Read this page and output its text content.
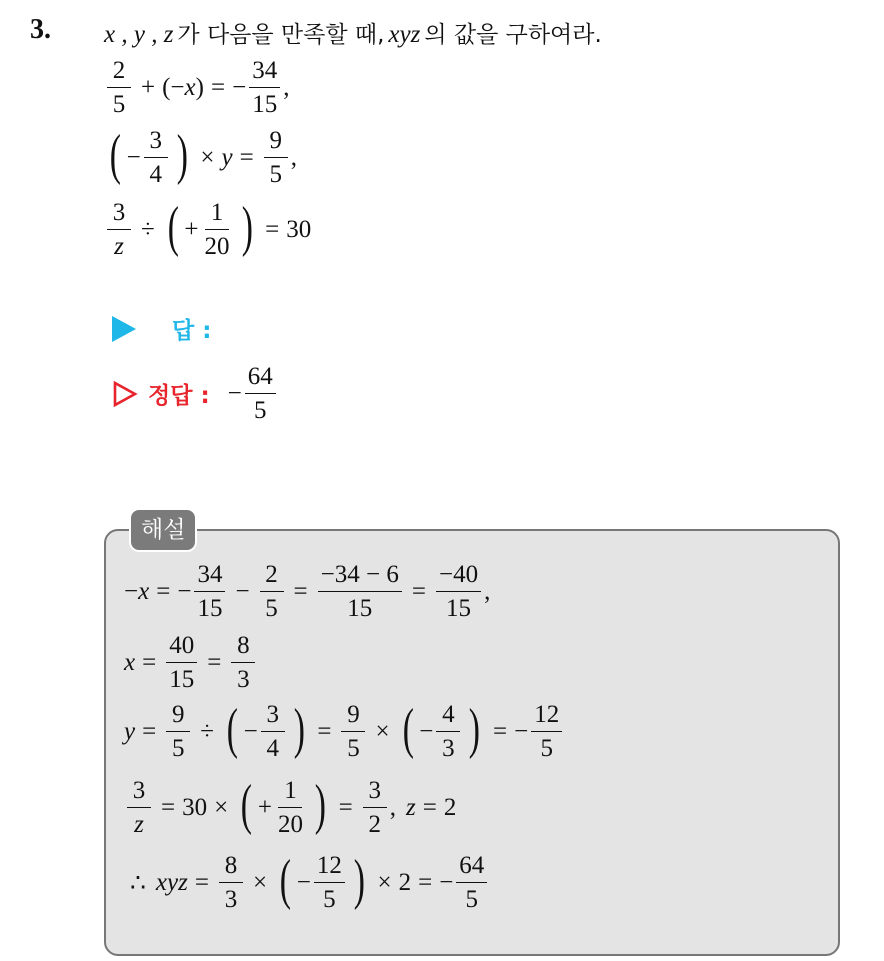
3. x , y , z 가 다음을 만족할 때, xyz 의 값을 구하여라.
$\frac{2}{5}$ + (− x ) = − $\frac{34}{15}$ ,
( − $\frac{3}{4}$ ) × $y = \frac{9}{5}$ ,
$\frac{3}{z}$ ÷ ( + $\frac{1}{20}$ ) = 30
답 :
정답 : − $\frac{64}{5}$
해설
− x = − $\frac{34}{15} - \frac{2}{5} = \frac{-34 - 6}{15} = \frac{-40}{15}$ ,
$x = \frac{40}{15} = \frac{8}{3}$
$y = \frac{9}{5}$ ÷ ( − $\frac{3}{4}$ ) = $\frac{9}{5}$ × ( − $\frac{4}{3}$ ) = − $\frac{12}{5}$
$\frac{3}{z} = 30$ × ( + $\frac{1}{20}$ ) = $\frac{3}{2}$ , z = 2
∴ xyz = $\frac{8}{3}$ × ( − $\frac{12}{5}$ ) × 2 = − $\frac{64}{5}$
